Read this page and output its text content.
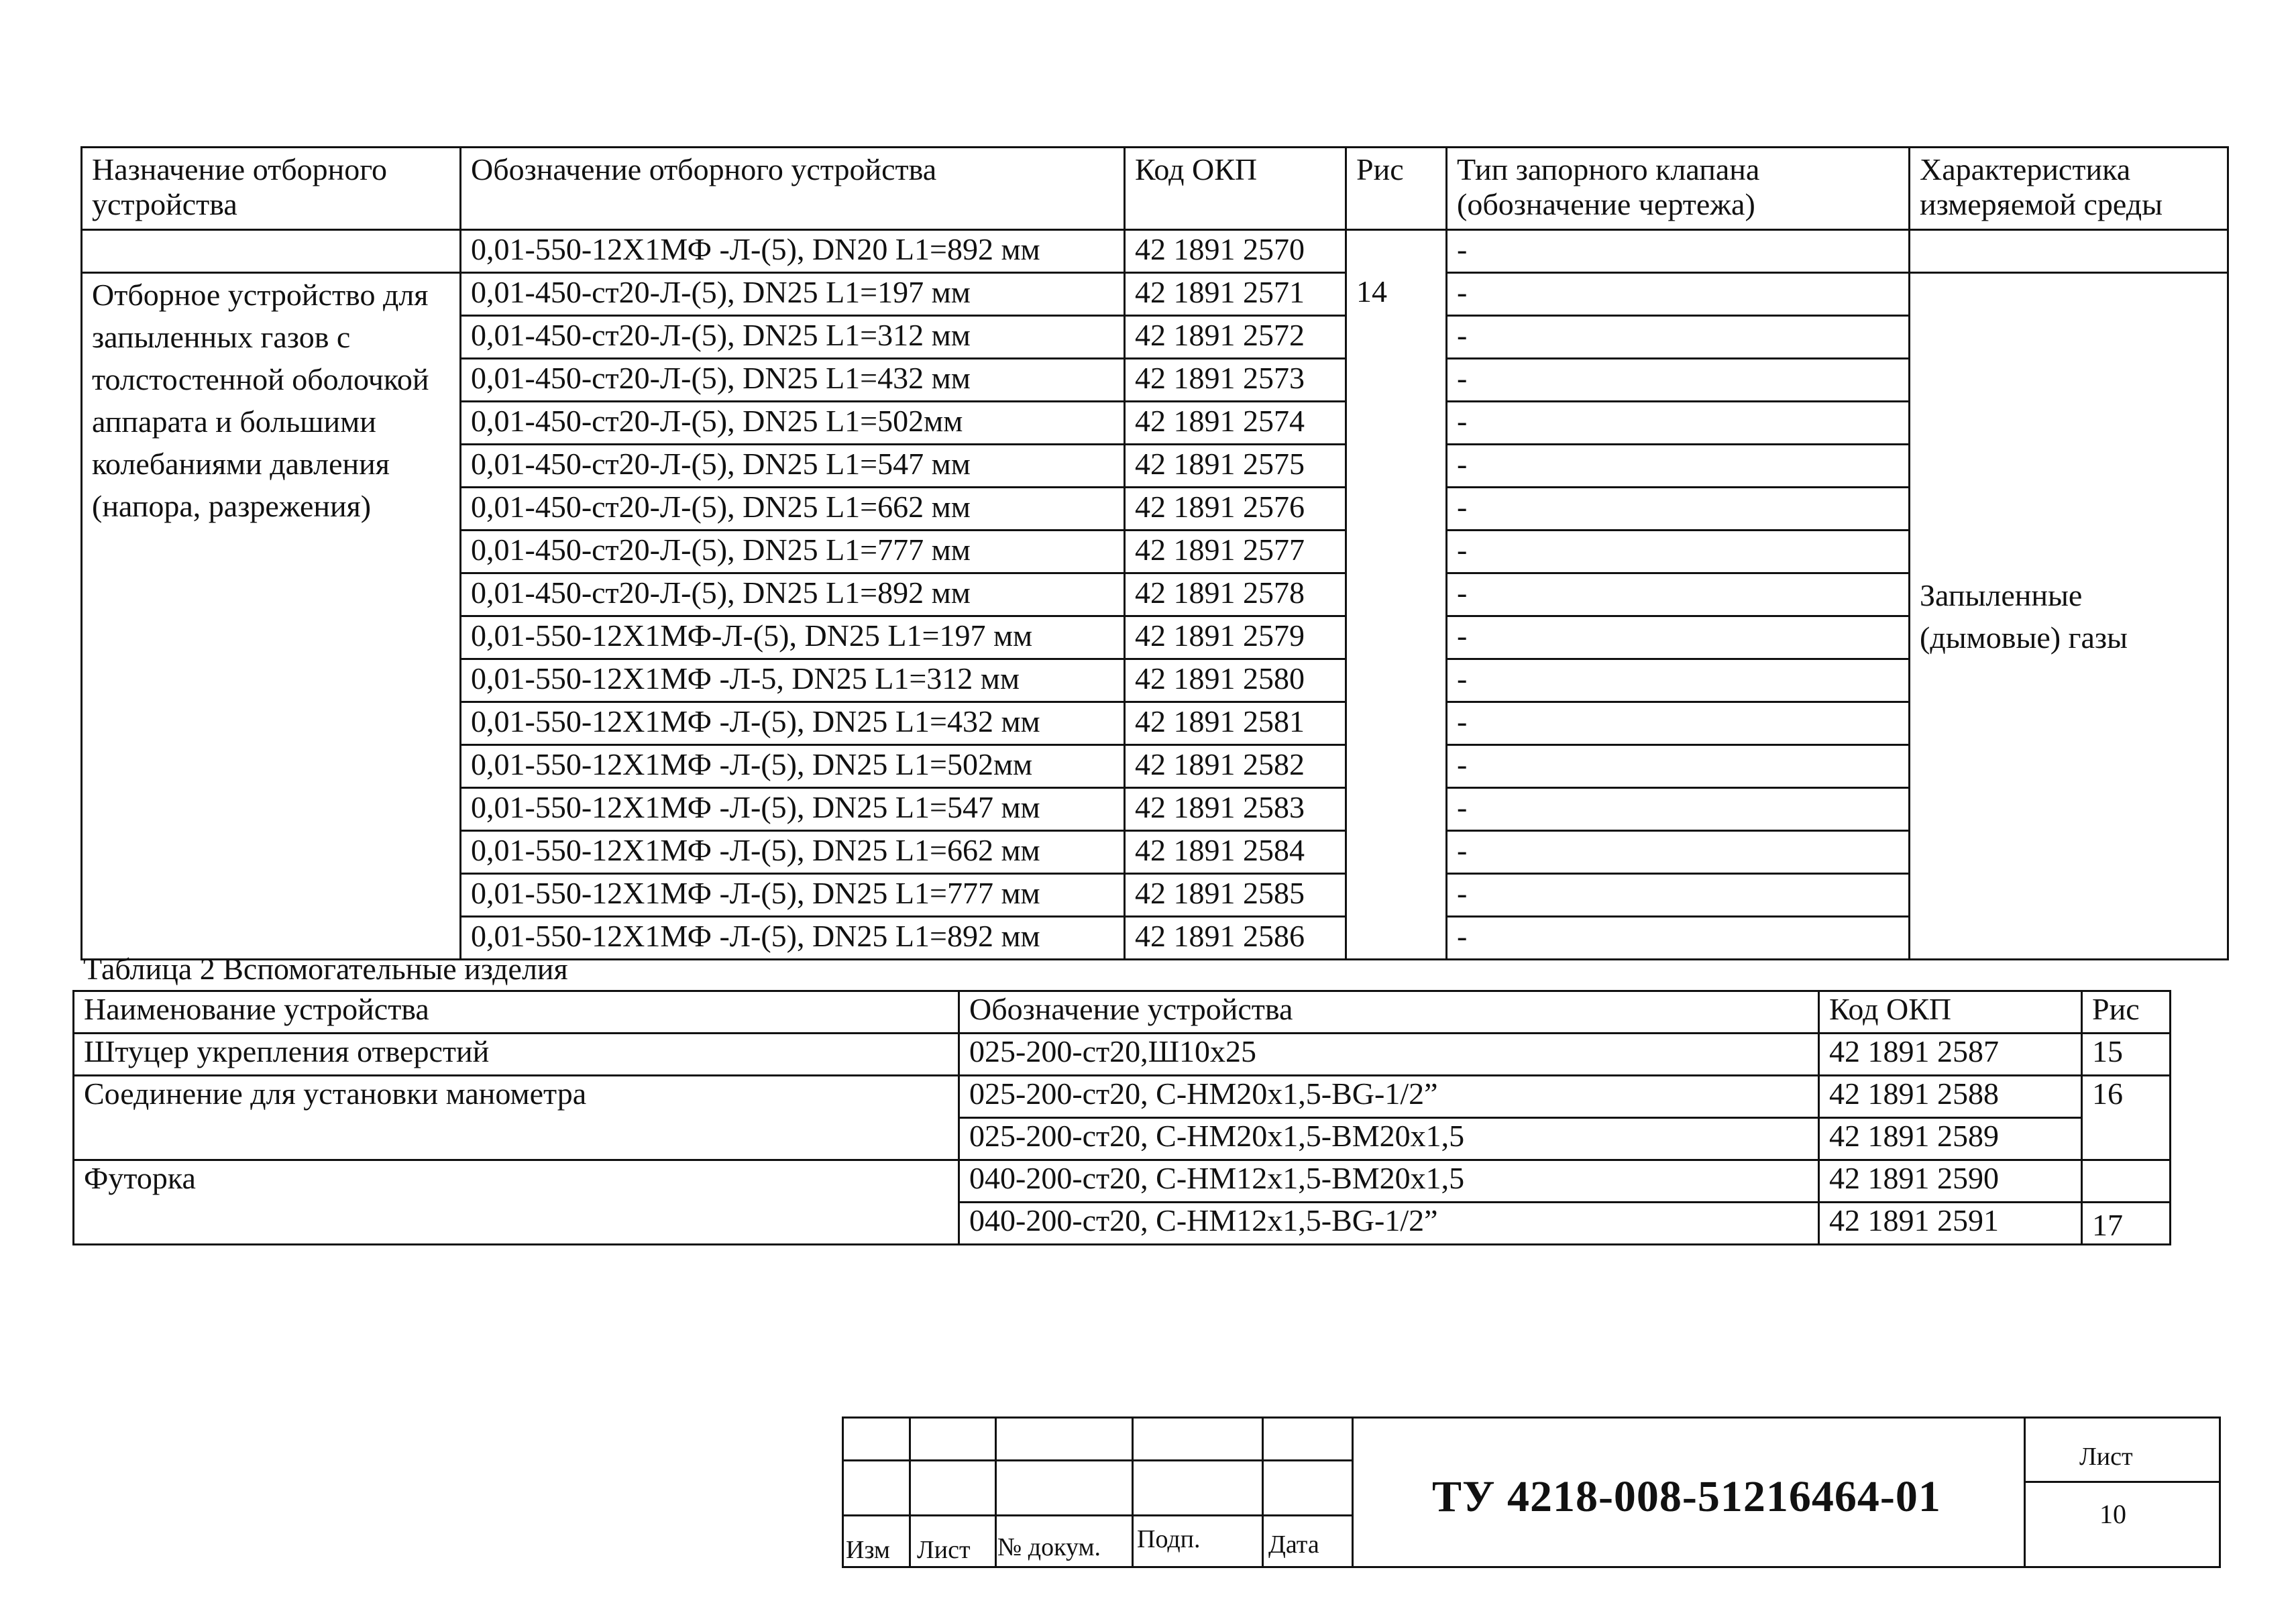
Назначение отборного устройства	Обозначение отборного устройства	Код ОКП	Рис	Тип запорного клапана (обозначение чертежа)	Характеристика измеряемой среды
	0,01-550-12Х1МФ -Л-(5), DN20 L1=892 мм	42 1891 2570		-	
Отборное устройство для запыленных газов с толстостенной оболочкой аппарата и большими колебаниями давления (напора, разрежения)	0,01-450-ст20-Л-(5), DN25 L1=197 мм	42 1891 2571	14	-	Запыленные (дымовые) газы
	0,01-450-ст20-Л-(5), DN25 L1=312 мм	42 1891 2572		-	
	0,01-450-ст20-Л-(5), DN25 L1=432 мм	42 1891 2573		-	
	0,01-450-ст20-Л-(5), DN25 L1=502мм	42 1891 2574		-	
	0,01-450-ст20-Л-(5), DN25 L1=547 мм	42 1891 2575		-	
	0,01-450-ст20-Л-(5), DN25 L1=662 мм	42 1891 2576		-	
	0,01-450-ст20-Л-(5), DN25 L1=777 мм	42 1891 2577		-	
	0,01-450-ст20-Л-(5), DN25 L1=892 мм	42 1891 2578		-	
	0,01-550-12Х1МФ-Л-(5), DN25 L1=197 мм	42 1891 2579		-	
	0,01-550-12Х1МФ -Л-5, DN25 L1=312 мм	42 1891 2580		-	
	0,01-550-12Х1МФ -Л-(5), DN25 L1=432 мм	42 1891 2581		-	
	0,01-550-12Х1МФ -Л-(5), DN25 L1=502мм	42 1891 2582		-	
	0,01-550-12Х1МФ -Л-(5), DN25 L1=547 мм	42 1891 2583		-	
	0,01-550-12Х1МФ -Л-(5), DN25 L1=662 мм	42 1891 2584		-	
	0,01-550-12Х1МФ -Л-(5), DN25 L1=777 мм	42 1891 2585		-	
	0,01-550-12Х1МФ -Л-(5), DN25 L1=892 мм	42 1891 2586		-	
Таблица 2 Вспомогательные изделия
Наименование устройства	Обозначение устройства	Код ОКП	Рис
Штуцер укрепления отверстий	025-200-ст20,Ш10х25	42 1891 2587	15
Соединение для установки манометра	025-200-ст20, С-НМ20х1,5-BG-1/2”	42 1891 2588	16
	025-200-ст20, С-НМ20х1,5-ВМ20х1,5	42 1891 2589	
Футорка	040-200-ст20, С-НМ12х1,5-ВМ20х1,5	42 1891 2590	
	040-200-ст20, С-НМ12х1,5-BG-1/2”	42 1891 2591	17
Изм Лист № докум. Подп.	Дата
ТУ 4218-008-51216464-01
Лист
10
